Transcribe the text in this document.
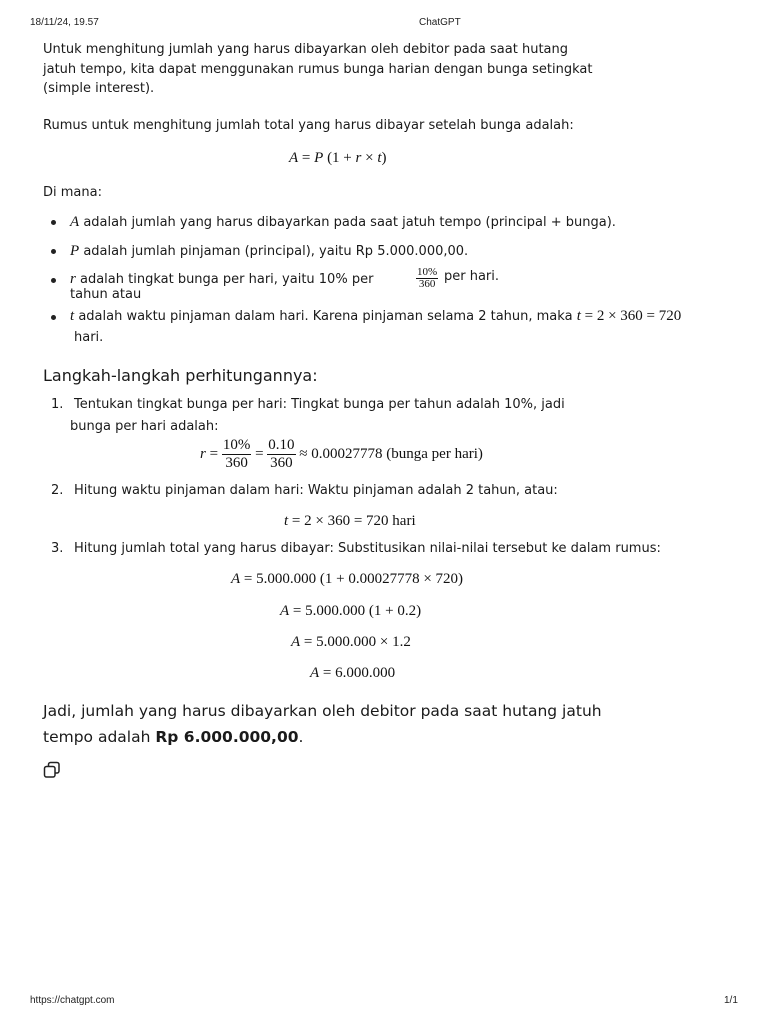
18/11/24, 19.57	ChatGPT
Untuk menghitung jumlah yang harus dibayarkan oleh debitor pada saat hutang
jatuh tempo, kita dapat menggunakan rumus bunga harian dengan bunga setingkat
(simple interest).
Rumus untuk menghitung jumlah total yang harus dibayar setelah bunga adalah:
A = P (1 + r × t)
Di mana:
A adalah jumlah yang harus dibayarkan pada saat jatuh tempo (principal + bunga).
P adalah jumlah pinjaman (principal), yaitu Rp 5.000.000,00.
r adalah tingkat bunga per hari, yaitu 10% per
tahun atau
$\frac{10\%}{360}$ per hari.
t adalah waktu pinjaman dalam hari. Karena pinjaman selama 2 tahun, maka t = 2 × 360 = 720
hari.
Langkah-langkah perhitungannya:
1. Tentukan tingkat bunga per hari: Tingkat bunga per tahun adalah 10%, jadi
bunga per hari adalah:
$r = \frac{10\%}{360} = \frac{0.10}{360} \approx 0.00027778$ (bunga per hari)
2. Hitung waktu pinjaman dalam hari: Waktu pinjaman adalah 2 tahun, atau:
t = 2 × 360 = 720 hari
3. Hitung jumlah total yang harus dibayar: Substitusikan nilai-nilai tersebut ke dalam rumus:
A = 5.000.000 (1 + 0.00027778 × 720)
A = 5.000.000 (1 + 0.2)
A = 5.000.000 × 1.2
A = 6.000.000
Jadi, jumlah yang harus dibayarkan oleh debitor pada saat hutang jatuh
tempo adalah Rp 6.000.000,00.
https://chatgpt.com	1/1
